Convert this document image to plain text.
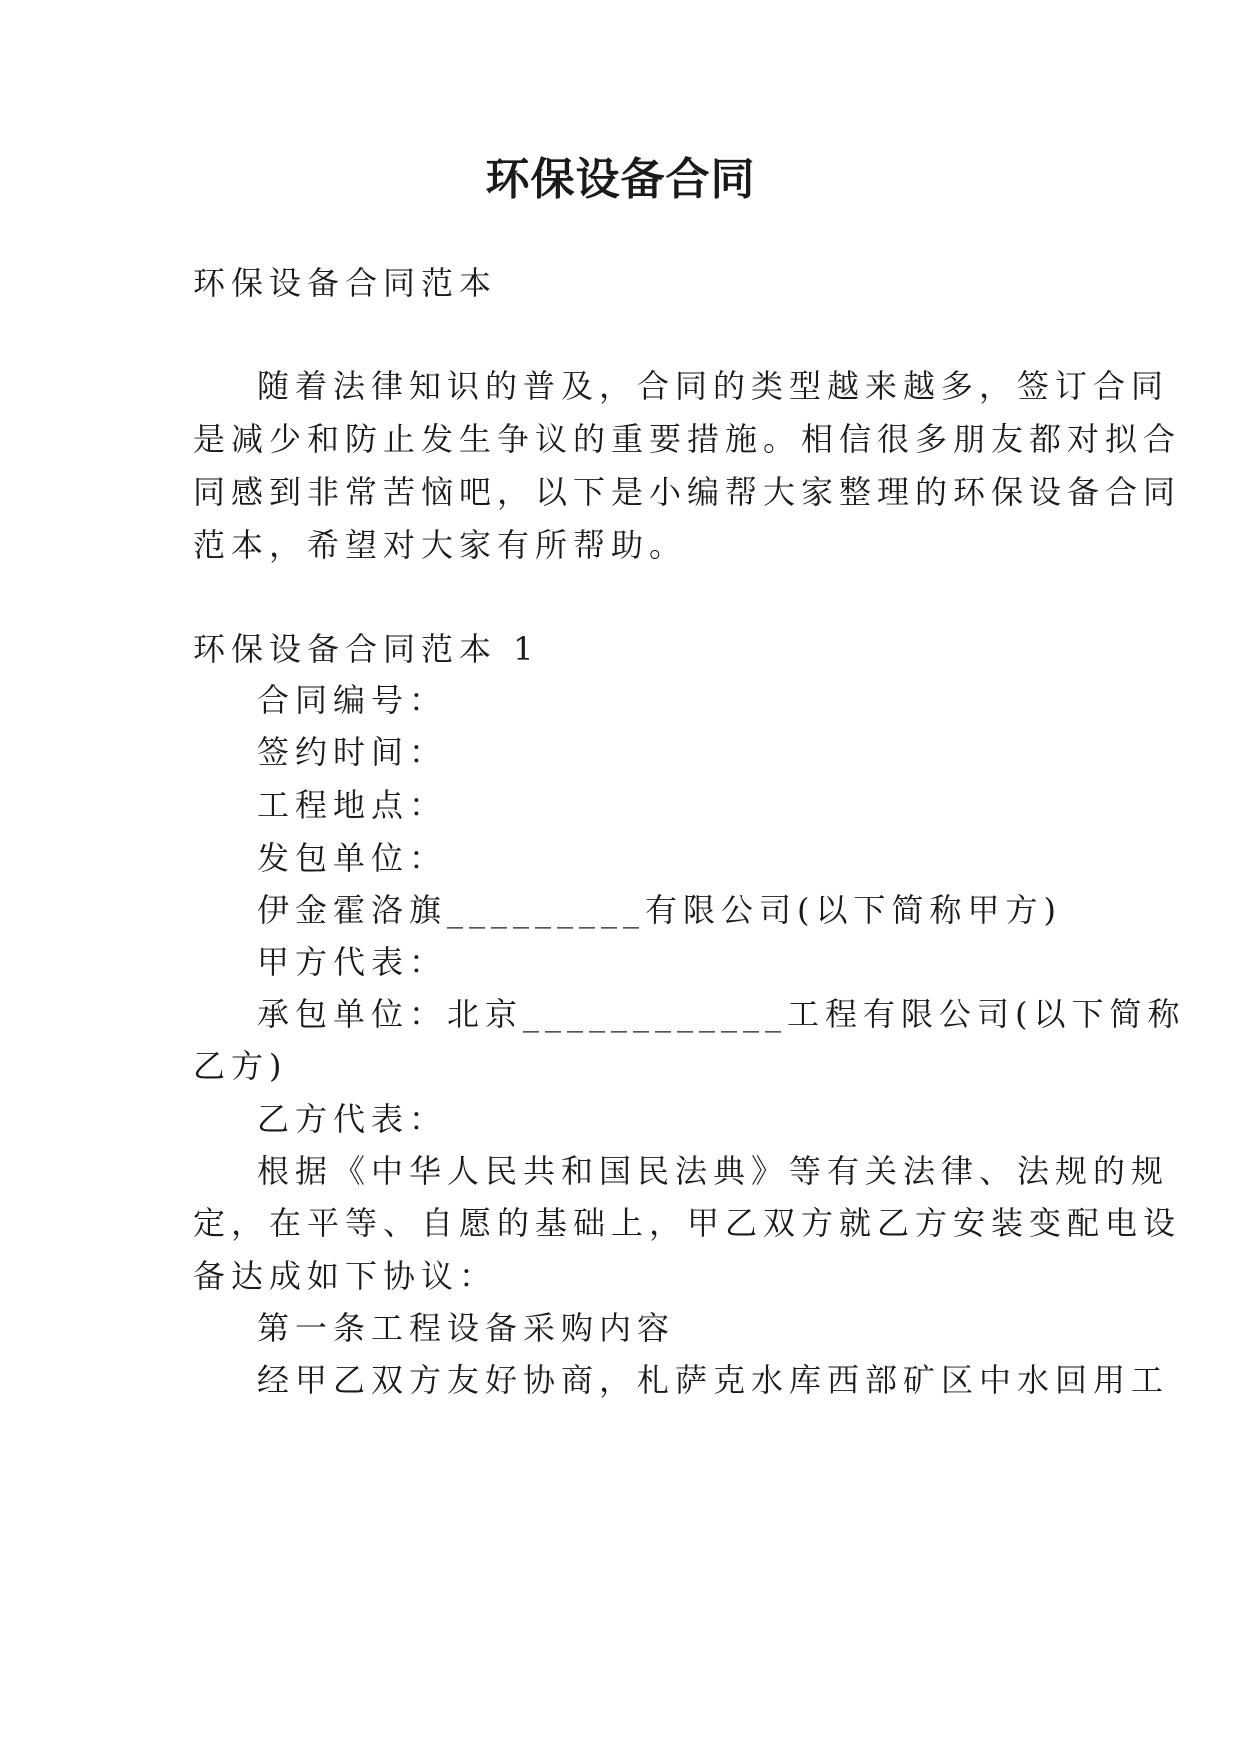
环保设备合同
环保设备合同范本
随着法律知识的普及，合同的类型越来越多，签订合同
是减少和防止发生争议的重要措施。相信很多朋友都对拟合
同感到非常苦恼吧，以下是小编帮大家整理的环保设备合同
范本，希望对大家有所帮助。
环保设备合同范本 1
合同编号：
签约时间：
工程地点：
发包单位：
伊金霍洛旗_________有限公司(以下简称甲方)
甲方代表：
承包单位：北京____________工程有限公司(以下简称
乙方)
乙方代表：
根据《中华人民共和国民法典》等有关法律、法规的规
定，在平等、自愿的基础上，甲乙双方就乙方安装变配电设
备达成如下协议：
第一条工程设备采购内容
经甲乙双方友好协商，札萨克水库西部矿区中水回用工
